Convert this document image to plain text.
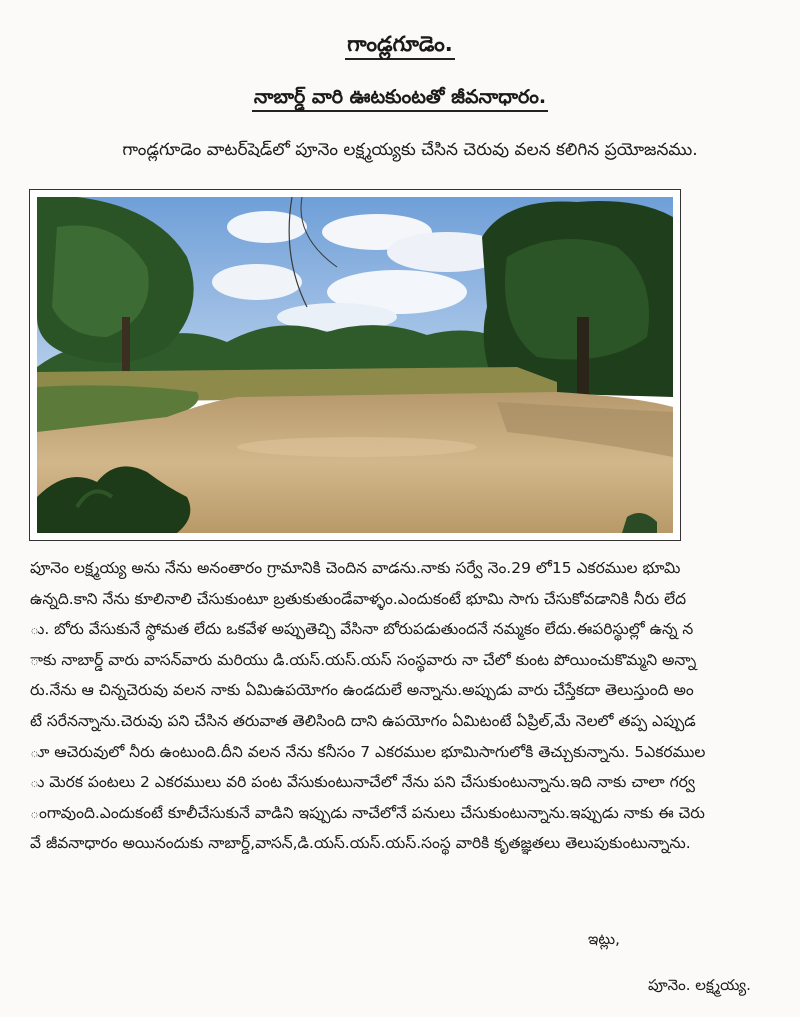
గాండ్లగూడెం.
నాబార్డ్ వారి ఊటకుంటతో జీవనాధారం.
గాండ్లగూడెం వాటర్‌షెడ్‌లో పూనెం లక్ష్మయ్యకు చేసిన చెరువు వలన కలిగిన ప్రయోజనము.
పూనెం లక్ష్మయ్య అను నేను అనంతారం గ్రామానికి చెందిన వాడను.నాకు సర్వే నెం.29 లో15 ఎకరముల భూమి
ఉన్నది.కాని నేను కూలినాలి చేసుకుంటూ బ్రతుకుతుండేవాళ్ళం.ఎందుకంటే భూమి సాగు చేసుకోవడానికి నీరు లేద
ు. బోరు వేసుకునే స్థోమత లేదు ఒకవేళ అప్పుతెచ్చి వేసినా బోరుపడుతుందనే నమ్మకం లేదు.ఈపరిస్థుల్లో ఉన్న న
ాకు నాబార్డ్ వారు వాసన్‌వారు మరియు డి.యస్.యస్.యస్ సంస్థవారు నా చేలో కుంట పోయించుకొమ్మని అన్నా
రు.నేను ఆ చిన్నచెరువు వలన నాకు ఏమిఉపయోగం ఉండదులే అన్నాను.అప్పుడు వారు చేస్తేకదా తెలుస్తుంది అం
టే సరేనన్నాను.చెరువు పని చేసిన తరువాత తెలిసింది దాని ఉపయోగం ఏమిటంటే ఏప్రిల్,మే నెలలో తప్ప ఎప్పుడ
ూ ఆచెరువులో నీరు ఉంటుంది.దీని వలన నేను కనీసం 7 ఎకరముల భూమిసాగులోకి తెచ్చుకున్నాను. 5ఎకరముల
ు మెరక పంటలు 2 ఎకరములు వరి పంట వేసుకుంటునాచేలో నేను పని చేసుకుంటున్నాను.ఇది నాకు చాలా గర్వ
ంగావుంది.ఎందుకంటే కూలీచేసుకునే వాడిని ఇప్పుడు నాచేలోనే పనులు చేసుకుంటున్నాను.ఇప్పుడు నాకు ఈ చెరు
వే జీవనాధారం అయినందుకు నాబార్డ్,వాసన్,డి.యస్.యస్.యస్.సంస్థ వారికి కృతజ్ఞతలు తెలుపుకుంటున్నాను.
ఇట్లు,
పూనెం. లక్ష్మయ్య.
